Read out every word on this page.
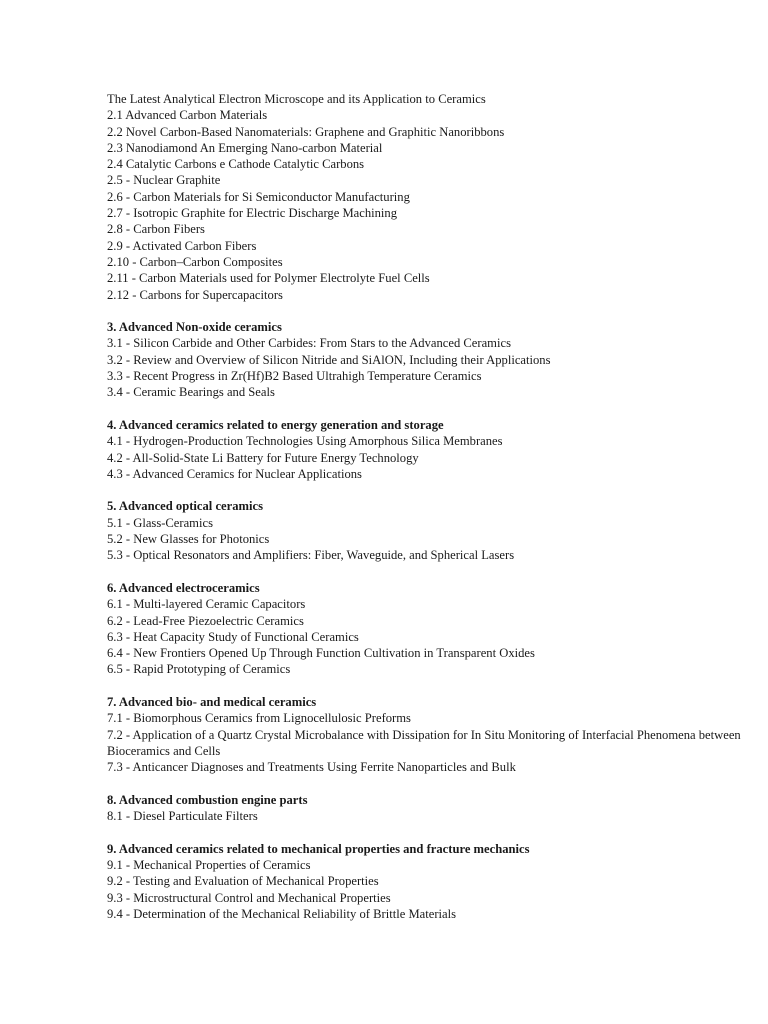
The Latest Analytical Electron Microscope and its Application to Ceramics
2.1 Advanced Carbon Materials
2.2 Novel Carbon-Based Nanomaterials: Graphene and Graphitic Nanoribbons
2.3 Nanodiamond An Emerging Nano-carbon Material
2.4 Catalytic Carbons e Cathode Catalytic Carbons
2.5 - Nuclear Graphite
2.6 - Carbon Materials for Si Semiconductor Manufacturing
2.7 - Isotropic Graphite for Electric Discharge Machining
2.8 - Carbon Fibers
2.9 - Activated Carbon Fibers
2.10 - Carbon–Carbon Composites
2.11 - Carbon Materials used for Polymer Electrolyte Fuel Cells
2.12 - Carbons for Supercapacitors
3. Advanced Non-oxide ceramics
3.1 - Silicon Carbide and Other Carbides: From Stars to the Advanced Ceramics
3.2 - Review and Overview of Silicon Nitride and SiAlON, Including their Applications
3.3 - Recent Progress in Zr(Hf)B2 Based Ultrahigh Temperature Ceramics
3.4 - Ceramic Bearings and Seals
4. Advanced ceramics related to energy generation and storage
4.1 - Hydrogen-Production Technologies Using Amorphous Silica Membranes
4.2 - All-Solid-State Li Battery for Future Energy Technology
4.3 - Advanced Ceramics for Nuclear Applications
5. Advanced optical ceramics
5.1 - Glass-Ceramics
5.2 - New Glasses for Photonics
5.3 - Optical Resonators and Amplifiers: Fiber, Waveguide, and Spherical Lasers
6. Advanced electroceramics
6.1 - Multi-layered Ceramic Capacitors
6.2 - Lead-Free Piezoelectric Ceramics
6.3 - Heat Capacity Study of Functional Ceramics
6.4 - New Frontiers Opened Up Through Function Cultivation in Transparent Oxides
6.5 - Rapid Prototyping of Ceramics
7. Advanced bio- and medical ceramics
7.1 - Biomorphous Ceramics from Lignocellulosic Preforms
7.2 - Application of a Quartz Crystal Microbalance with Dissipation for In Situ Monitoring of Interfacial Phenomena between Bioceramics and Cells
7.3 - Anticancer Diagnoses and Treatments Using Ferrite Nanoparticles and Bulk
8. Advanced combustion engine parts
8.1 - Diesel Particulate Filters
9. Advanced ceramics related to mechanical properties and fracture mechanics
9.1 - Mechanical Properties of Ceramics
9.2 - Testing and Evaluation of Mechanical Properties
9.3 - Microstructural Control and Mechanical Properties
9.4 - Determination of the Mechanical Reliability of Brittle Materials
